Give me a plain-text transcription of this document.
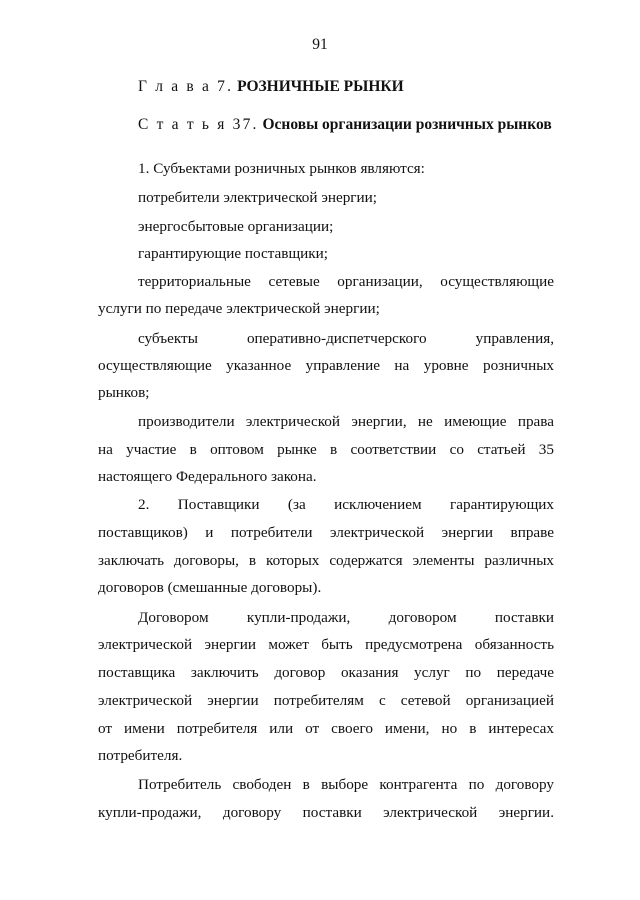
91
Г л а в а 7. РОЗНИЧНЫЕ РЫНКИ
С т а т ь я 37. Основы организации розничных рынков
1. Субъектами розничных рынков являются:
потребители электрической энергии;
энергосбытовые организации;
гарантирующие поставщики;
территориальные сетевые организации, осуществляющие
услуги по передаче электрической энергии;
субъекты оперативно-диспетчерского управления,
осуществляющие указанное управление на уровне розничных
рынков;
производители электрической энергии, не имеющие права
на участие в оптовом рынке в соответствии со статьей 35
настоящего Федерального закона.
2. Поставщики (за исключением гарантирующих
поставщиков) и потребители электрической энергии вправе
заключать договоры, в которых содержатся элементы различных
договоров (смешанные договоры).
Договором купли-продажи, договором поставки
электрической энергии может быть предусмотрена обязанность
поставщика заключить договор оказания услуг по передаче
электрической энергии потребителям с сетевой организацией
от имени потребителя или от своего имени, но в интересах
потребителя.
Потребитель свободен в выборе контрагента по договору
купли-продажи, договору поставки электрической энергии.
